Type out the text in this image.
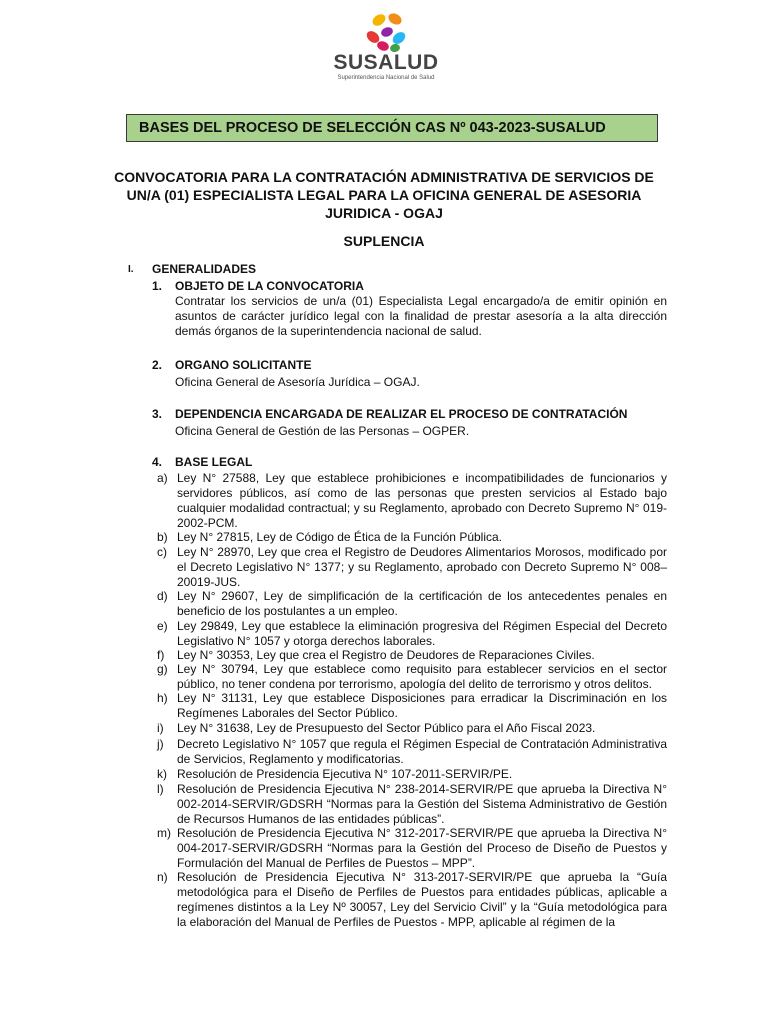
SUSALUD
Superintendencia Nacional de Salud
BASES DEL PROCESO DE SELECCIÓN CAS Nº 043-2023-SUSALUD
CONVOCATORIA PARA LA CONTRATACIÓN ADMINISTRATIVA DE SERVICIOS DE
UN/A (01) ESPECIALISTA LEGAL PARA LA OFICINA GENERAL DE ASESORIA
JURIDICA - OGAJ
SUPLENCIA
I. GENERALIDADES
1. OBJETO DE LA CONVOCATORIA
Contratar los servicios de un/a (01) Especialista Legal encargado/a de emitir opinión en asuntos de carácter jurídico legal con la finalidad de prestar asesoría a la alta dirección demás órganos de la superintendencia nacional de salud.
2. ORGANO SOLICITANTE
Oficina General de Asesoría Jurídica – OGAJ.
3. DEPENDENCIA ENCARGADA DE REALIZAR EL PROCESO DE CONTRATACIÓN
Oficina General de Gestión de las Personas – OGPER.
4. BASE LEGAL
a) Ley N° 27588, Ley que establece prohibiciones e incompatibilidades de funcionarios y servidores públicos, así como de las personas que presten servicios al Estado bajo cualquier modalidad contractual; y su Reglamento, aprobado con Decreto Supremo N° 019-2002-PCM.
b) Ley N° 27815, Ley de Código de Ética de la Función Pública.
c) Ley N° 28970, Ley que crea el Registro de Deudores Alimentarios Morosos, modificado por el Decreto Legislativo N° 1377; y su Reglamento, aprobado con Decreto Supremo N° 008–20019-JUS.
d) Ley N° 29607, Ley de simplificación de la certificación de los antecedentes penales en beneficio de los postulantes a un empleo.
e) Ley 29849, Ley que establece la eliminación progresiva del Régimen Especial del Decreto Legislativo N° 1057 y otorga derechos laborales.
f) Ley N° 30353, Ley que crea el Registro de Deudores de Reparaciones Civiles.
g) Ley N° 30794, Ley que establece como requisito para establecer servicios en el sector público, no tener condena por terrorismo, apología del delito de terrorismo y otros delitos.
h) Ley N° 31131, Ley que establece Disposiciones para erradicar la Discriminación en los Regímenes Laborales del Sector Público.
i) Ley N° 31638, Ley de Presupuesto del Sector Público para el Año Fiscal 2023.
j) Decreto Legislativo N° 1057 que regula el Régimen Especial de Contratación Administrativa de Servicios, Reglamento y modificatorias.
k) Resolución de Presidencia Ejecutiva N° 107-2011-SERVIR/PE.
l) Resolución de Presidencia Ejecutiva N° 238-2014-SERVIR/PE que aprueba la Directiva N° 002-2014-SERVIR/GDSRH “Normas para la Gestión del Sistema Administrativo de Gestión de Recursos Humanos de las entidades públicas”.
m) Resolución de Presidencia Ejecutiva N° 312-2017-SERVIR/PE que aprueba la Directiva N° 004-2017-SERVIR/GDSRH “Normas para la Gestión del Proceso de Diseño de Puestos y Formulación del Manual de Perfiles de Puestos – MPP”.
n) Resolución de Presidencia Ejecutiva N° 313-2017-SERVIR/PE que aprueba la “Guía metodológica para el Diseño de Perfiles de Puestos para entidades públicas, aplicable a regímenes distintos a la Ley Nº 30057, Ley del Servicio Civil” y la “Guía metodológica para la elaboración del Manual de Perfiles de Puestos - MPP, aplicable al régimen de la
